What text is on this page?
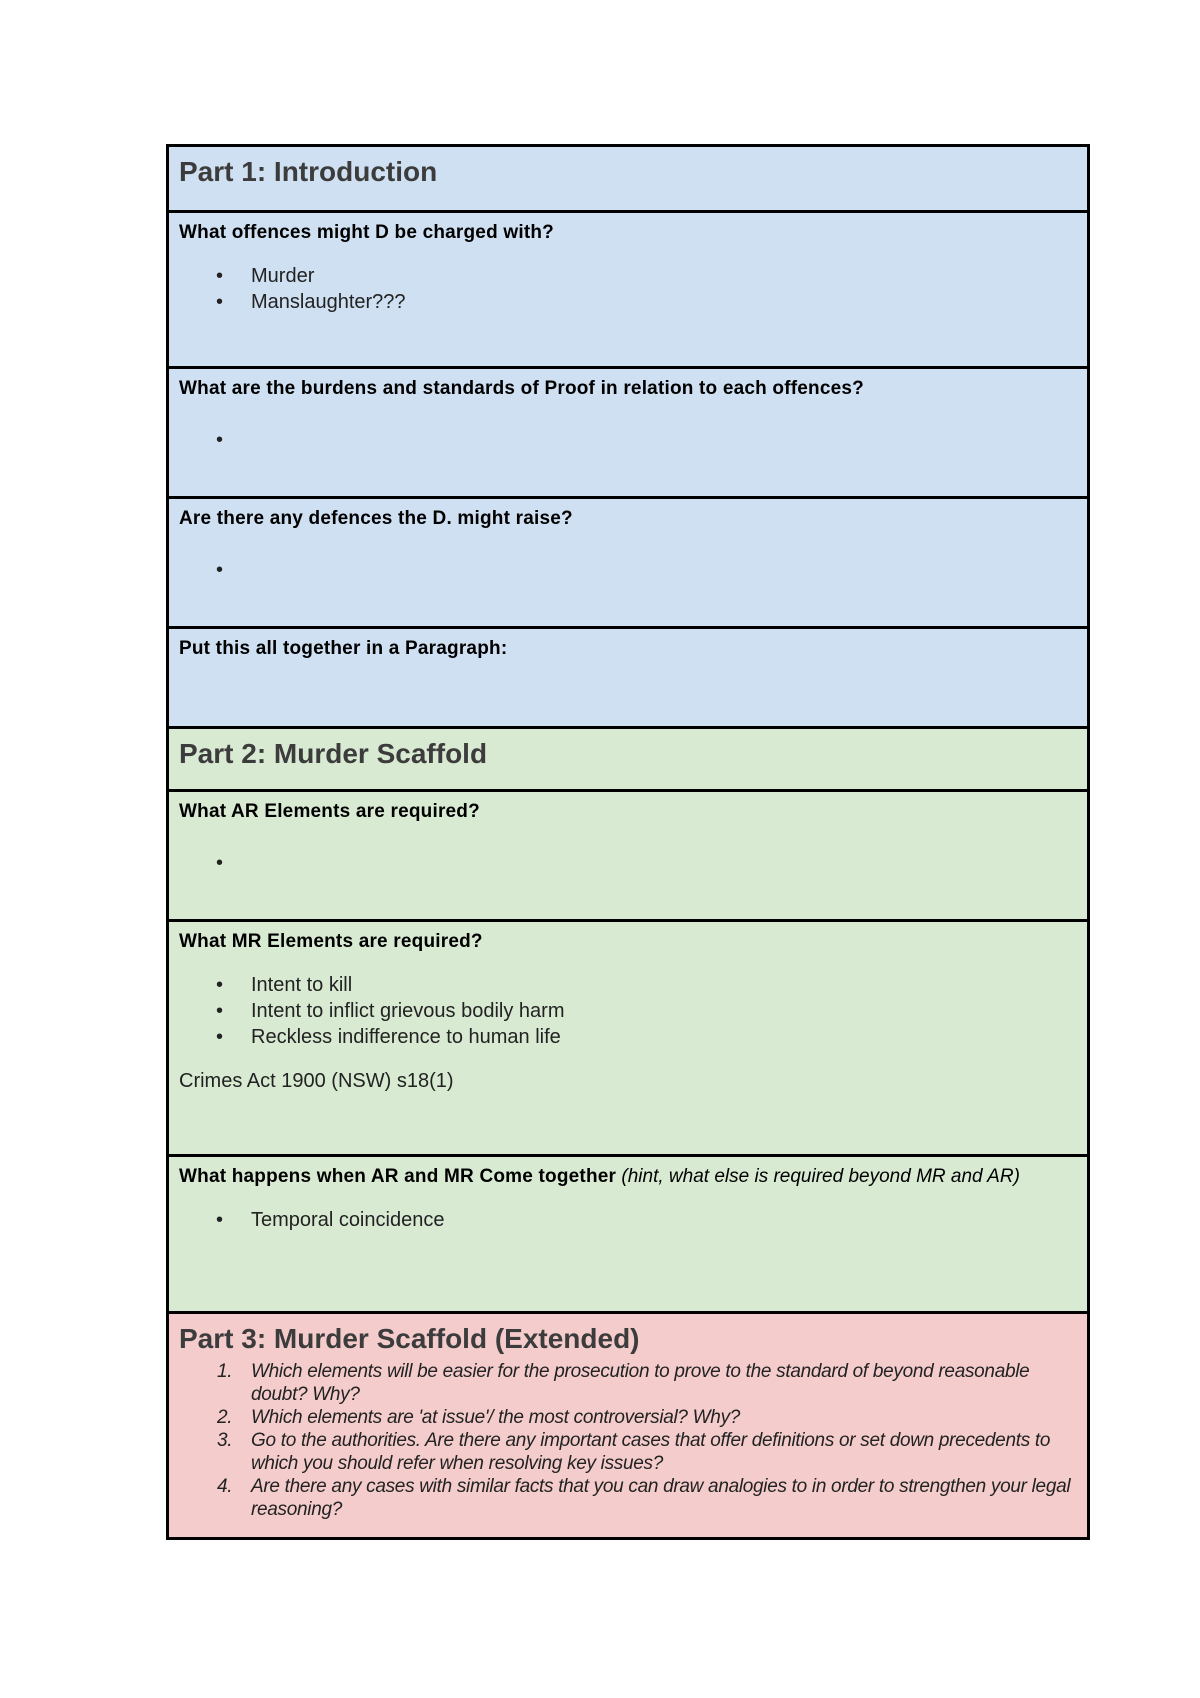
Part 1: Introduction
What offences might D be charged with?
• Murder
• Manslaughter???
What are the burdens and standards of Proof in relation to each offences?
•
Are there any defences the D. might raise?
•
Put this all together in a Paragraph:
Part 2: Murder Scaffold
What AR Elements are required?
•
What MR Elements are required?
• Intent to kill
• Intent to inflict grievous bodily harm
• Reckless indifference to human life
Crimes Act 1900 (NSW) s18(1)
What happens when AR and MR Come together (hint, what else is required beyond MR and AR)
• Temporal coincidence
Part 3: Murder Scaffold (Extended)
1. Which elements will be easier for the prosecution to prove to the standard of beyond reasonable doubt? Why?
2. Which elements are 'at issue'/ the most controversial? Why?
3. Go to the authorities. Are there any important cases that offer definitions or set down precedents to which you should refer when resolving key issues?
4. Are there any cases with similar facts that you can draw analogies to in order to strengthen your legal reasoning?
